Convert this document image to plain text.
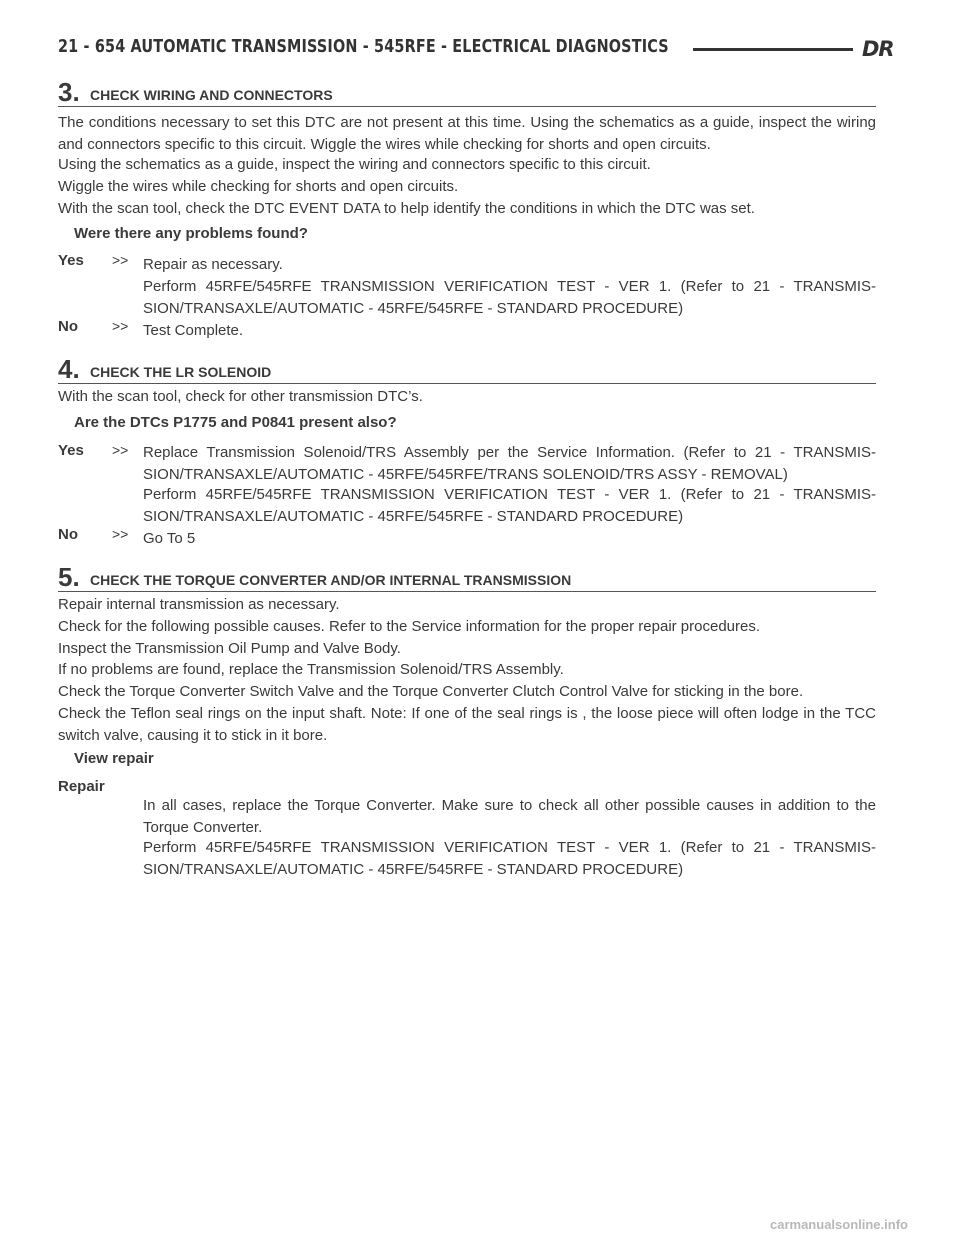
21 - 654 AUTOMATIC TRANSMISSION - 545RFE - ELECTRICAL DIAGNOSTICS	DR
3. CHECK WIRING AND CONNECTORS
The conditions necessary to set this DTC are not present at this time. Using the schematics as a guide, inspect the wiring and connectors specific to this circuit. Wiggle the wires while checking for shorts and open circuits.
Using the schematics as a guide, inspect the wiring and connectors specific to this circuit.
Wiggle the wires while checking for shorts and open circuits.
With the scan tool, check the DTC EVENT DATA to help identify the conditions in which the DTC was set.
Were there any problems found?
Yes >> Repair as necessary.
Perform 45RFE/545RFE TRANSMISSION VERIFICATION TEST - VER 1. (Refer to 21 - TRANSMIS-SION/TRANSAXLE/AUTOMATIC - 45RFE/545RFE - STANDARD PROCEDURE)
No >> Test Complete.
4. CHECK THE LR SOLENOID
With the scan tool, check for other transmission DTC’s.
Are the DTCs P1775 and P0841 present also?
Yes >> Replace Transmission Solenoid/TRS Assembly per the Service Information. (Refer to 21 - TRANSMIS-SION/TRANSAXLE/AUTOMATIC - 45RFE/545RFE/TRANS SOLENOID/TRS ASSY - REMOVAL)
Perform 45RFE/545RFE TRANSMISSION VERIFICATION TEST - VER 1. (Refer to 21 - TRANSMIS-SION/TRANSAXLE/AUTOMATIC - 45RFE/545RFE - STANDARD PROCEDURE)
No >> Go To 5
5. CHECK THE TORQUE CONVERTER AND/OR INTERNAL TRANSMISSION
Repair internal transmission as necessary.
Check for the following possible causes. Refer to the Service information for the proper repair procedures.
Inspect the Transmission Oil Pump and Valve Body.
If no problems are found, replace the Transmission Solenoid/TRS Assembly.
Check the Torque Converter Switch Valve and the Torque Converter Clutch Control Valve for sticking in the bore.
Check the Teflon seal rings on the input shaft. Note: If one of the seal rings is , the loose piece will often lodge in the TCC switch valve, causing it to stick in it bore.
View repair
Repair
In all cases, replace the Torque Converter. Make sure to check all other possible causes in addition to the Torque Converter.
Perform 45RFE/545RFE TRANSMISSION VERIFICATION TEST - VER 1. (Refer to 21 - TRANSMIS-SION/TRANSAXLE/AUTOMATIC - 45RFE/545RFE - STANDARD PROCEDURE)
carmanualsonline.info
